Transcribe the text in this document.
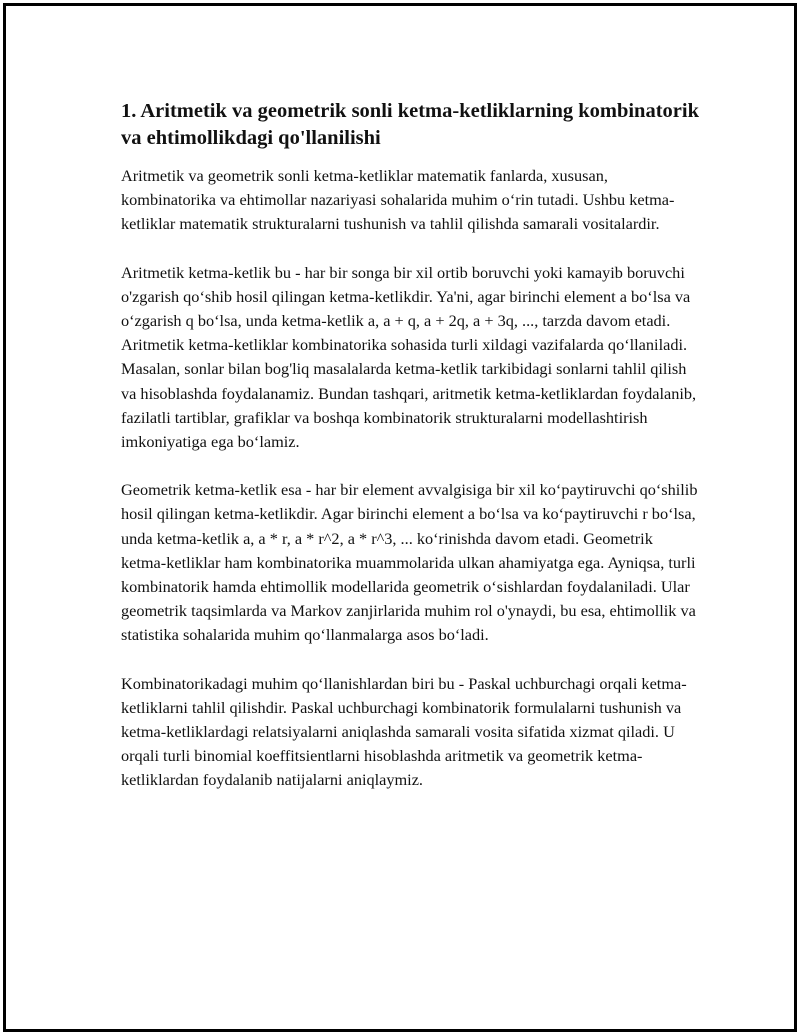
1. Aritmetik va geometrik sonli ketma-ketliklarning kombinatorik va ehtimollikdagi qo'llanilishi

Aritmetik va geometrik sonli ketma-ketliklar matematik fanlarda, xususan, kombinatorika va ehtimollar nazariyasi sohalarida muhim oʻrin tutadi. Ushbu ketma-ketliklar matematik strukturalarni tushunish va tahlil qilishda samarali vositalardir.

Aritmetik ketma-ketlik bu - har bir songa bir xil ortib boruvchi yoki kamayib boruvchi o'zgarish qoʻshib hosil qilingan ketma-ketlikdir. Ya'ni, agar birinchi element a boʻlsa va oʻzgarish q boʻlsa, unda ketma-ketlik a, a + q, a + 2q, a + 3q, ..., tarzda davom etadi. Aritmetik ketma-ketliklar kombinatorika sohasida turli xildagi vazifalarda qoʻllaniladi. Masalan, sonlar bilan bog'liq masalalarda ketma-ketlik tarkibidagi sonlarni tahlil qilish va hisoblashda foydalanamiz. Bundan tashqari, aritmetik ketma-ketliklardan foydalanib, fazilatli tartiblar, grafiklar va boshqa kombinatorik strukturalarni modellashtirish imkoniyatiga ega boʻlamiz.

Geometrik ketma-ketlik esa - har bir element avvalgisiga bir xil koʻpaytiruvchi qoʻshilib hosil qilingan ketma-ketlikdir. Agar birinchi element a boʻlsa va koʻpaytiruvchi r boʻlsa, unda ketma-ketlik a, a * r, a * r^2, a * r^3, ... koʻrinishda davom etadi. Geometrik ketma-ketliklar ham kombinatorika muammolarida ulkan ahamiyatga ega. Ayniqsa, turli kombinatorik hamda ehtimollik modellarida geometrik oʻsishlardan foydalaniladi. Ular geometrik taqsimlarda va Markov zanjirlarida muhim rol o'ynaydi, bu esa, ehtimollik va statistika sohalarida muhim qoʻllanmalarga asos boʻladi.

Kombinatorikadagi muhim qoʻllanishlardan biri bu - Paskal uchburchagi orqali ketma-ketliklarni tahlil qilishdir. Paskal uchburchagi kombinatorik formulalarni tushunish va ketma-ketliklardagi relatsiyalarni aniqlashda samarali vosita sifatida xizmat qiladi. U orqali turli binomial koeffitsientlarni hisoblashda aritmetik va geometrik ketma-ketliklardan foydalanib natijalarni aniqlaymiz.
